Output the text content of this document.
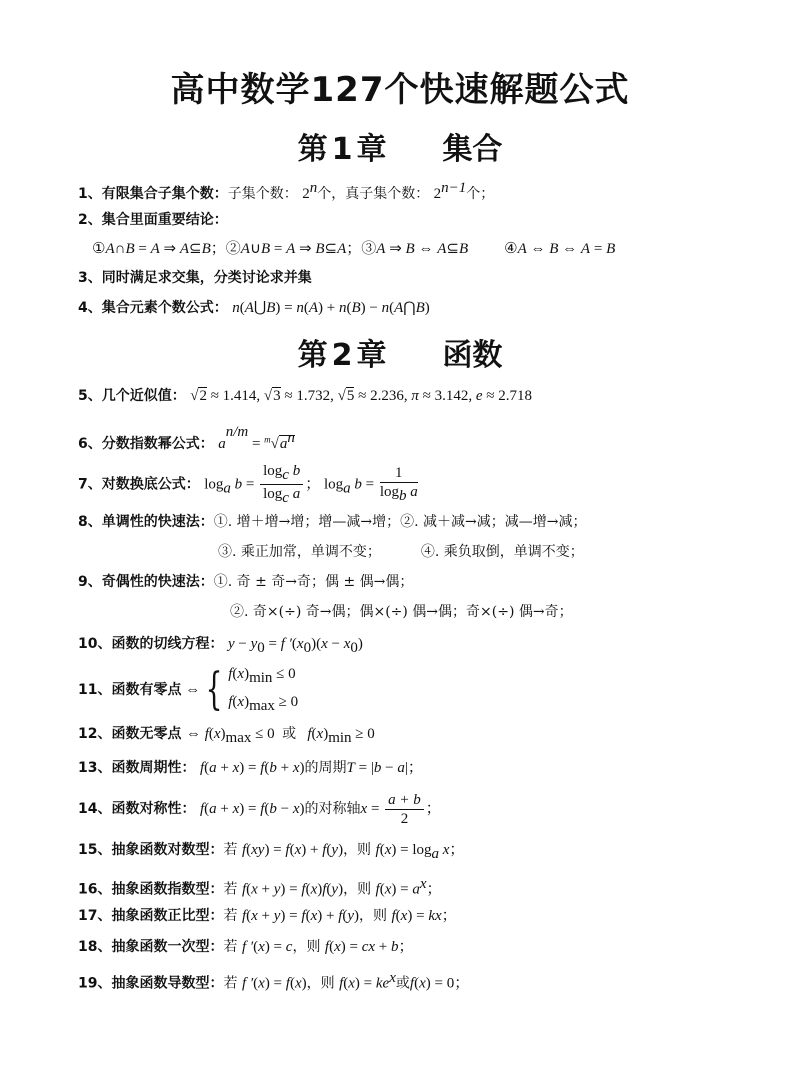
高中数学127个快速解题公式
第 1 章 集合
1、有限集合子集个数：子集个数： 2$^n$个，真子集个数： $2^{n-1}$个；
2、集合里面重要结论：
①A∩B = A ⇒ A⊆B；②A∪B = A ⇒ B⊆A；③A ⇒ B ⇔ A⊆B ④A ⇔ B ⇔ A = B
3、同时满足求交集，分类讨论求并集
4、集合元素个数公式： n(A⋃B) = n(A) + n(B) − n(A⋂B)
第 2 章 函数
5、几个近似值： √2 ≈ 1.414, √3 ≈ 1.732, √5 ≈ 2.236, π ≈ 3.142, e ≈ 2.718
6、分数指数幂公式： $a^{n/m} = ^m√a^n$
7、对数换底公式： $\log_a b = \frac{\log_c b}{\log_c a}$ ； $\log_a b = \frac{1}{\log_b a}$
8、单调性的快速法：①. 增＋增→增；增—减→增；②. 减＋减→减；减—增→减；
③. 乘正加常，单调不变；	④. 乘负取倒，单调不变；
9、奇偶性的快速法：①. 奇 ± 奇→奇；偶 ± 偶→偶；
②. 奇×(÷) 奇→偶；偶×(÷) 偶→偶；奇×(÷) 偶→奇；
10、函数的切线方程： $y - y_0 = f$ $'(x_0)(x - x_0)$
11、函数有零点 ⇔ { $f(x)_{min} \le 0$
$f(x)_{max} \ge 0$
12、函数无零点 ⇔ $f(x)_{max} \le 0$  或 $f(x)_{min} \ge 0$
13、函数周期性： f(a + x) = f(b + x)的周期T = |b − a|；
14、函数对称性： f(a + x) = f(b − x)的对称轴$x = \frac{a + b}{2}$ ；
15、抽象函数对数型：若 f(xy) = f(x) + f(y)，则 $f(x) = \log_a x$；
16、抽象函数指数型：若 f(x + y) = f(x)f(y)，则 $f(x) = a^x$；
17、抽象函数正比型：若 f(x + y) = f(x) + f(y)，则 f(x) = kx；
18、抽象函数一次型：若 f ′(x) = c，则 f(x) = cx + b；
19、抽象函数导数型：若 f ′(x) = f(x)，则 $f(x) = ke^x$或f(x) = 0；
